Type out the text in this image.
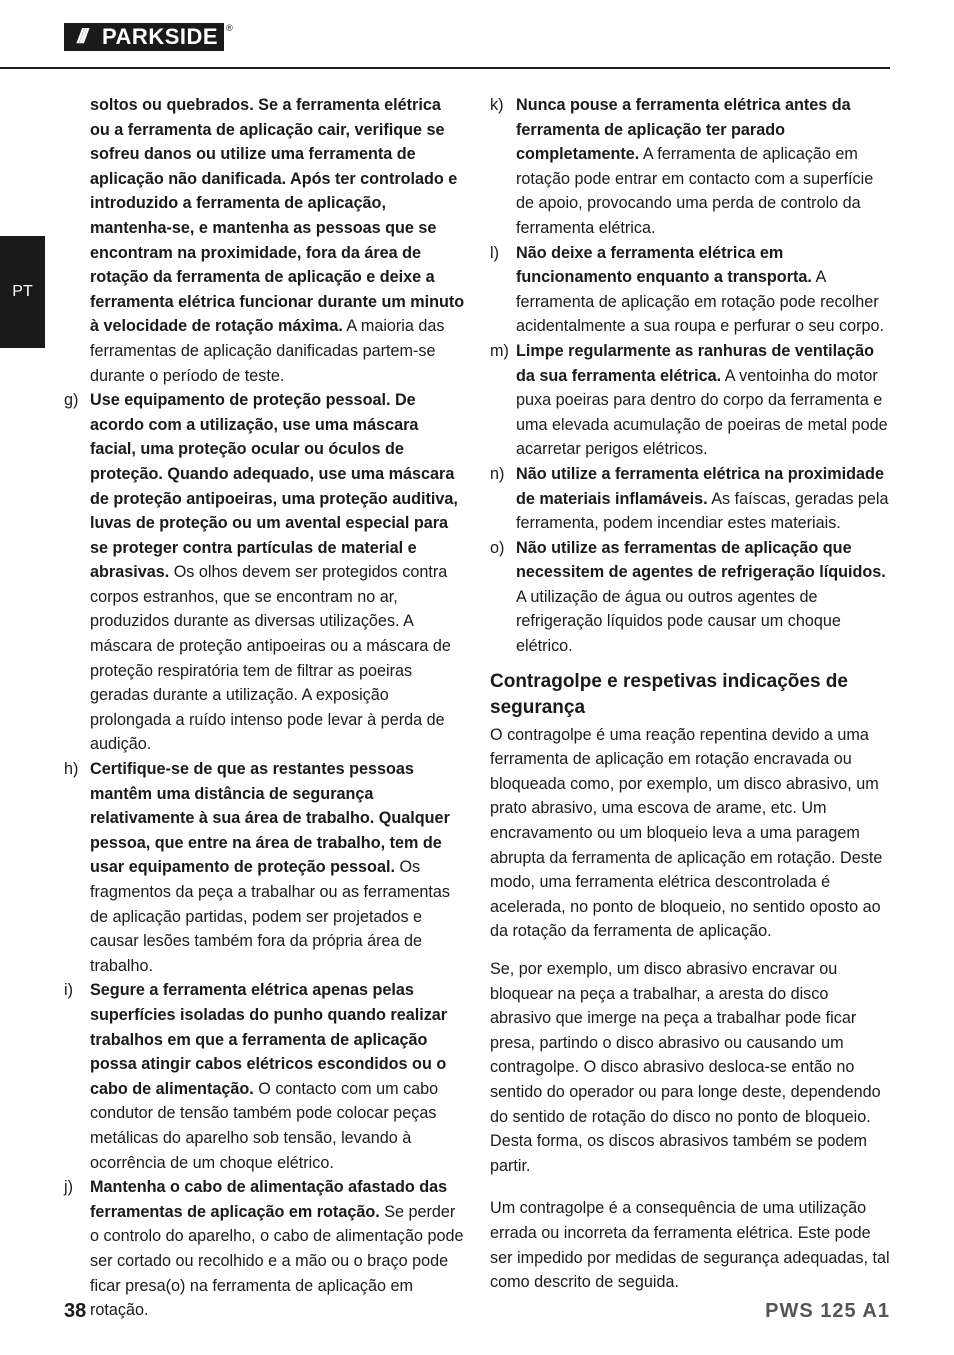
/// PARKSIDE ®
PT
soltos ou quebrados. Se a ferramenta elétrica ou a ferramenta de aplicação cair, verifique se sofreu danos ou utilize uma ferramenta de aplicação não danificada. Após ter controlado e introduzido a ferramenta de aplicação, mantenha-se, e mantenha as pessoas que se encontram na proximidade, fora da área de rotação da ferramenta de aplicação e deixe a ferramenta elétrica funcionar durante um minuto à velocidade de rotação máxima. A maioria das ferramentas de aplicação danificadas partem-se durante o período de teste.
g) Use equipamento de proteção pessoal. De acordo com a utilização, use uma máscara facial, uma proteção ocular ou óculos de proteção. Quando adequado, use uma máscara de proteção antipoeiras, uma proteção auditiva, luvas de proteção ou um avental especial para se proteger contra partículas de material e abrasivas. Os olhos devem ser protegidos contra corpos estranhos, que se encontram no ar, produzidos durante as diversas utilizações. A máscara de proteção antipoeiras ou a máscara de proteção respiratória tem de filtrar as poeiras geradas durante a utilização. A exposição prolongada a ruído intenso pode levar à perda de audição.
h) Certifique-se de que as restantes pessoas mantêm uma distância de segurança relativamente à sua área de trabalho. Qualquer pessoa, que entre na área de trabalho, tem de usar equipamento de proteção pessoal. Os fragmentos da peça a trabalhar ou as ferramentas de aplicação partidas, podem ser projetados e causar lesões também fora da própria área de trabalho.
i)	Segure a ferramenta elétrica apenas pelas superfícies isoladas do punho quando realizar trabalhos em que a ferramenta de aplicação possa atingir cabos elétricos escondidos ou o cabo de alimentação. O contacto com um cabo condutor de tensão também pode colocar peças metálicas do aparelho sob tensão, levando à ocorrência de um choque elétrico.
j)	Mantenha o cabo de alimentação afastado das ferramentas de aplicação em rotação. Se perder o controlo do aparelho, o cabo de alimentação pode ser cortado ou recolhido e a mão ou o braço pode ficar presa(o) na ferramenta de aplicação em rotação.
k) Nunca pouse a ferramenta elétrica antes da ferramenta de aplicação ter parado completamente. A ferramenta de aplicação em rotação pode entrar em contacto com a superfície de apoio, provocando uma perda de controlo da ferramenta elétrica.
l)	Não deixe a ferramenta elétrica em funcionamento enquanto a transporta. A ferramenta de aplicação em rotação pode recolher acidentalmente a sua roupa e perfurar o seu corpo.
m) Limpe regularmente as ranhuras de ventilação da sua ferramenta elétrica. A ventoinha do motor puxa poeiras para dentro do corpo da ferramenta e uma elevada acumulação de poeiras de metal pode acarretar perigos elétricos.
n) Não utilize a ferramenta elétrica na proximidade de materiais inflamáveis. As faíscas, geradas pela ferramenta, podem incendiar estes materiais.
o) Não utilize as ferramentas de aplicação que necessitem de agentes de refrigeração líquidos. A utilização de água ou outros agentes de refrigeração líquidos pode causar um choque elétrico.
Contragolpe e respetivas indicações de segurança

O contragolpe é uma reação repentina devido a uma ferramenta de aplicação em rotação encravada ou bloqueada como, por exemplo, um disco abrasivo, um prato abrasivo, uma escova de arame, etc. Um encravamento ou um bloqueio leva a uma paragem abrupta da ferramenta de aplicação em rotação. Deste modo, uma ferramenta elétrica descontrolada é acelerada, no ponto de bloqueio, no sentido oposto ao da rotação da ferramenta de aplicação.

Se, por exemplo, um disco abrasivo encravar ou bloquear na peça a trabalhar, a aresta do disco abrasivo que imerge na peça a trabalhar pode ficar presa, partindo o disco abrasivo ou causando um contragolpe. O disco abrasivo desloca-se então no sentido do operador ou para longe deste, dependendo do sentido de rotação do disco no ponto de bloqueio. Desta forma, os discos abrasivos também se podem partir.

Um contragolpe é a consequência de uma utilização errada ou incorreta da ferramenta elétrica. Este pode ser impedido por medidas de segurança adequadas, tal como descrito de seguida.

38	PWS 125 A1
